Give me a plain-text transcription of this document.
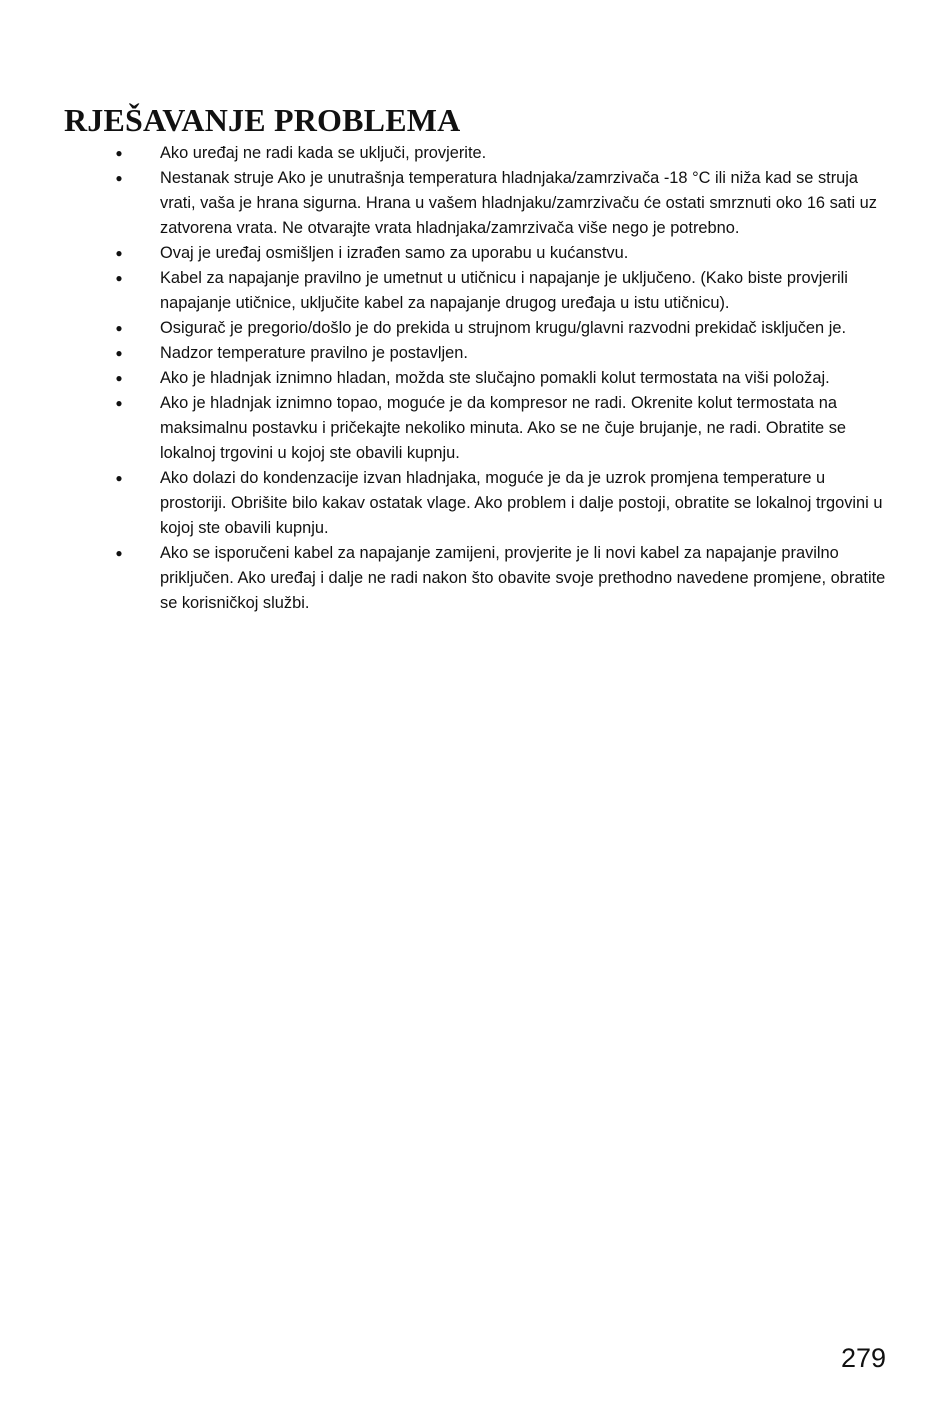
RJEŠAVANJE PROBLEMA
● Ako uređaj ne radi kada se uključi, provjerite.
● Nestanak struje Ako je unutrašnja temperatura hladnjaka/zamrzivača -18 °C ili niža kad se struja vrati, vaša je hrana sigurna. Hrana u vašem hladnjaku/zamrzivaču će ostati smrznuti oko 16 sati uz zatvorena vrata. Ne otvarajte vrata hladnjaka/zamrzivača više nego je potrebno.
● Ovaj je uređaj osmišljen i izrađen samo za uporabu u kućanstvu.
● Kabel za napajanje pravilno je umetnut u utičnicu i napajanje je uključeno. (Kako biste provjerili napajanje utičnice, uključite kabel za napajanje drugog uređaja u istu utičnicu).
● Osigurač je pregorio/došlo je do prekida u strujnom krugu/glavni razvodni prekidač isključen je.
● Nadzor temperature pravilno je postavljen.
● Ako je hladnjak iznimno hladan, možda ste slučajno pomakli kolut termostata na viši položaj.
● Ako je hladnjak iznimno topao, moguće je da kompresor ne radi. Okrenite kolut termostata na maksimalnu postavku i pričekajte nekoliko minuta. Ako se ne čuje brujanje, ne radi. Obratite se lokalnoj trgovini u kojoj ste obavili kupnju.
● Ako dolazi do kondenzacije izvan hladnjaka, moguće je da je uzrok promjena temperature u prostoriji. Obrišite bilo kakav ostatak vlage. Ako problem i dalje postoji, obratite se lokalnoj trgovini u kojoj ste obavili kupnju.
● Ako se isporučeni kabel za napajanje zamijeni, provjerite je li novi kabel za napajanje pravilno priključen. Ako uređaj i dalje ne radi nakon što obavite svoje prethodno navedene promjene, obratite se korisničkoj službi.
279
